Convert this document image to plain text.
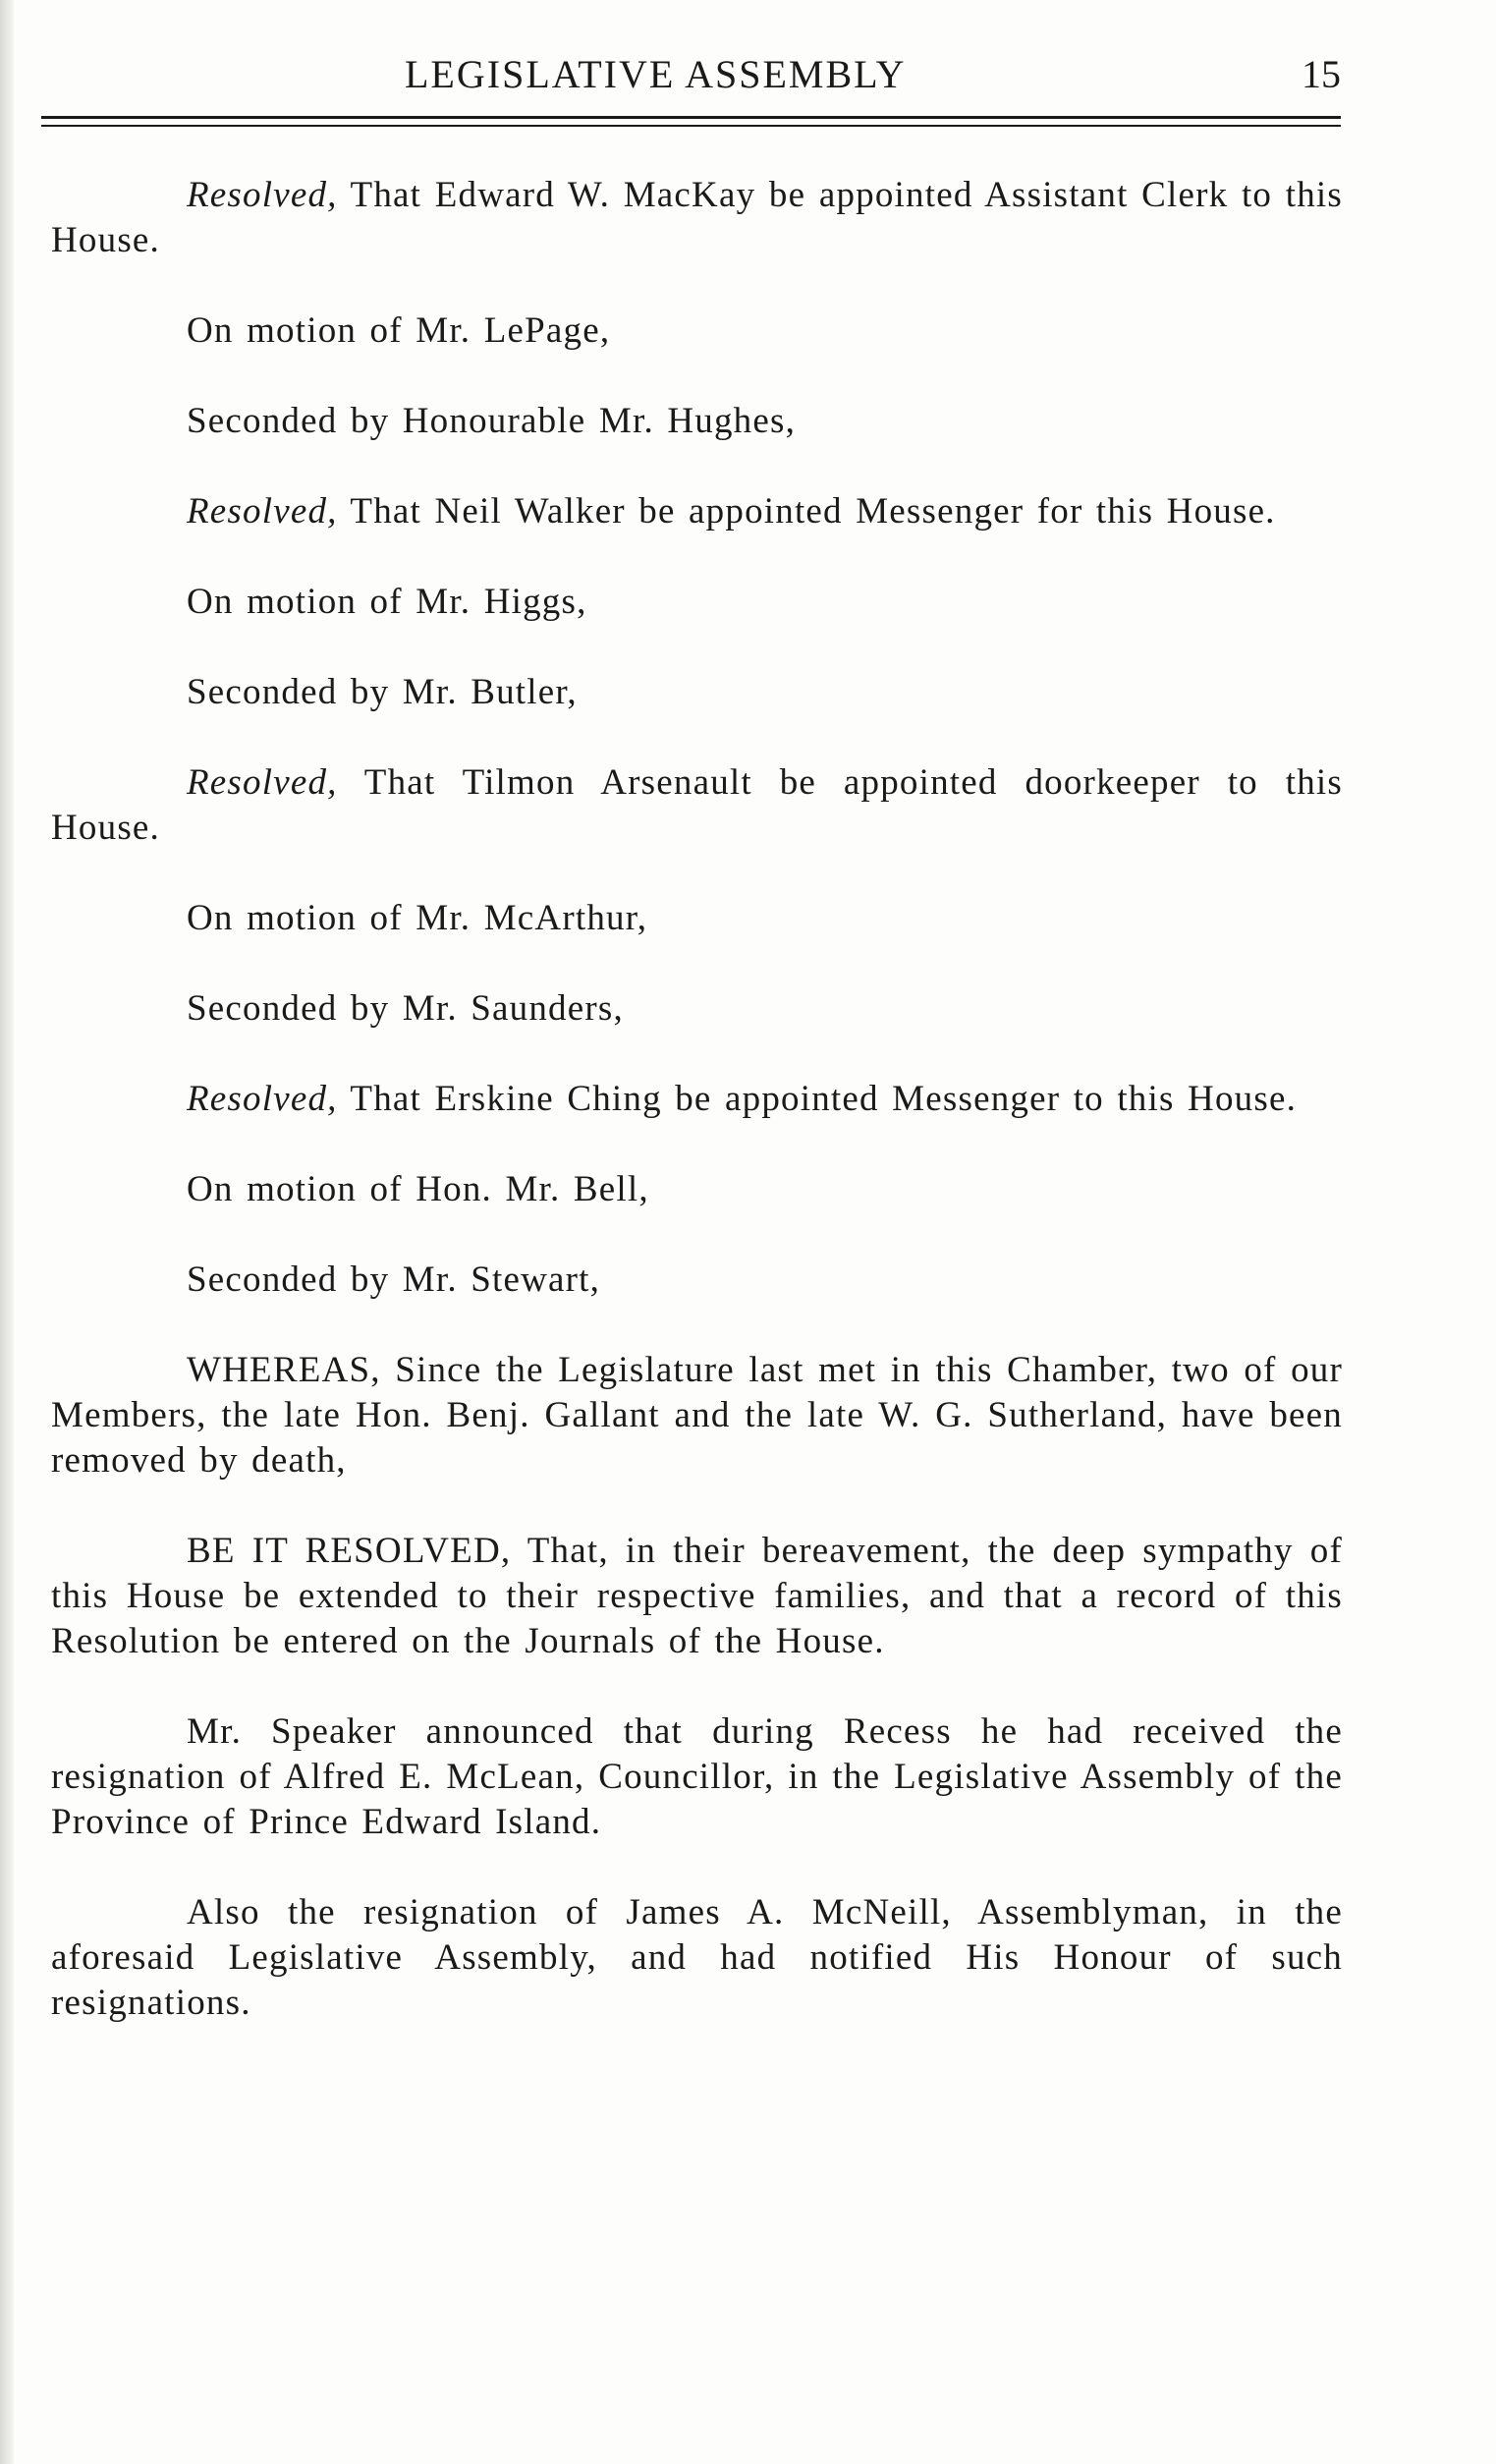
LEGISLATIVE ASSEMBLY	15

Resolved, That Edward W. MacKay be appointed Assistant Clerk to this House.

On motion of Mr. LePage,

Seconded by Honourable Mr. Hughes,

Resolved, That Neil Walker be appointed Messenger for this House.

On motion of Mr. Higgs,

Seconded by Mr. Butler,

Resolved, That Tilmon Arsenault be appointed doorkeeper to this House.

On motion of Mr. McArthur,

Seconded by Mr. Saunders,

Resolved, That Erskine Ching be appointed Messenger to this House.

On motion of Hon. Mr. Bell,

Seconded by Mr. Stewart,

WHEREAS, Since the Legislature last met in this Chamber, two of our Members, the late Hon. Benj. Gallant and the late W. G. Sutherland, have been removed by death,

BE IT RESOLVED, That, in their bereavement, the deep sympathy of this House be extended to their respective families, and that a record of this Resolution be entered on the Journals of the House.

Mr. Speaker announced that during Recess he had received the resignation of Alfred E. McLean, Councillor, in the Legislative Assembly of the Province of Prince Edward Island.

Also the resignation of James A. McNeill, Assemblyman, in the aforesaid Legislative Assembly, and had notified His Honour of such resignations.
